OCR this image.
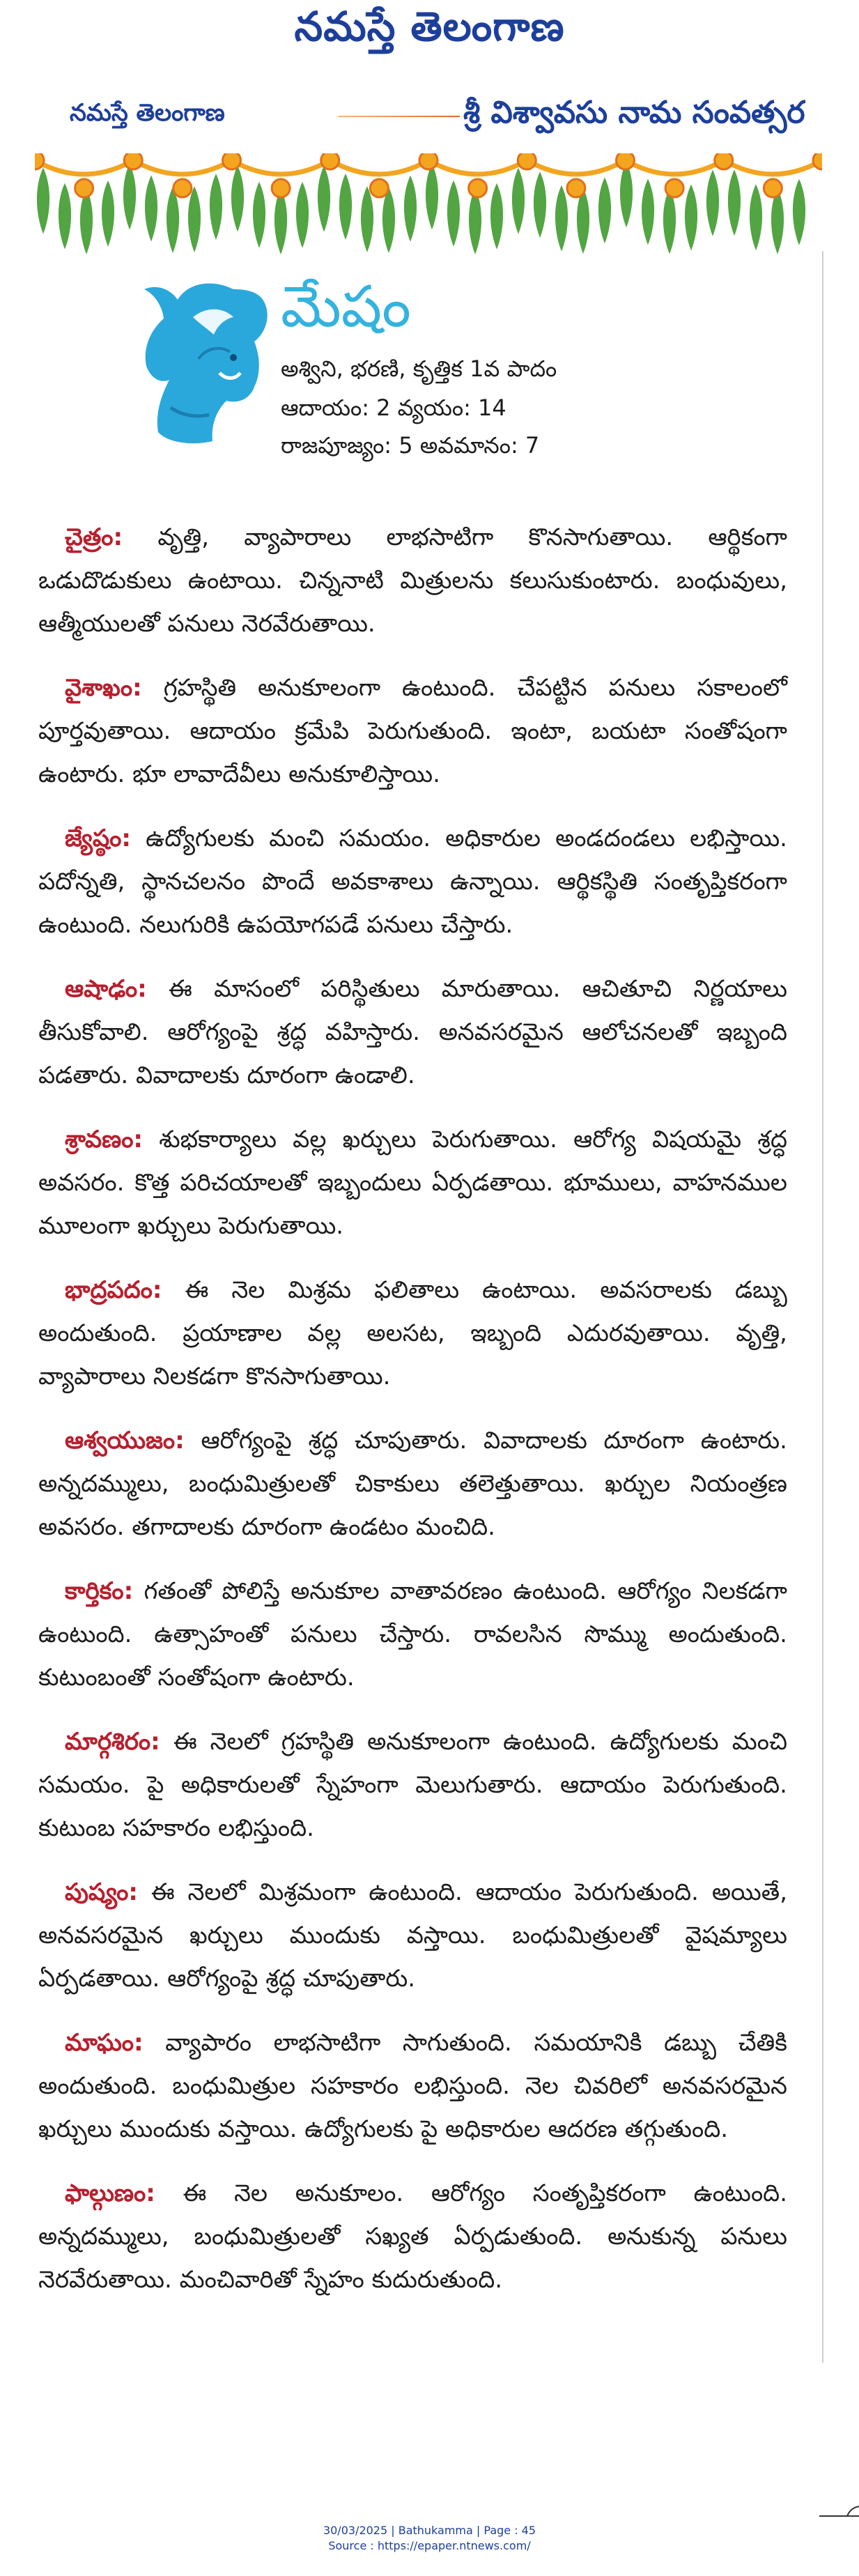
నమస్తే తెలంగాణ
నమస్తే తెలంగాణ	శ్రీ విశ్వావసు నామ సంవత్సర
మేషం
అశ్విని, భరణి, కృత్తిక 1వ పాదం
ఆదాయం: 2 వ్యయం: 14
రాజపూజ్యం: 5 అవమానం: 7

చైత్రం: వృత్తి, వ్యాపారాలు లాభసాటిగా కొనసాగుతాయి. ఆర్థికంగా ఒడుదొడుకులు ఉంటాయి. చిన్ననాటి మిత్రులను కలుసుకుంటారు. బంధువులు, ఆత్మీయులతో పనులు నెరవేరుతాయి.

వైశాఖం: గ్రహస్థితి అనుకూలంగా ఉంటుంది. చేపట్టిన పనులు సకాలంలో పూర్తవుతాయి. ఆదాయం క్రమేపి పెరుగుతుంది. ఇంటా, బయటా సంతోషంగా ఉంటారు. భూ లావాదేవీలు అనుకూలిస్తాయి.

జ్యేష్ఠం: ఉద్యోగులకు మంచి సమయం. అధికారుల అండదండలు లభిస్తాయి. పదోన్నతి, స్థానచలనం పొందే అవకాశాలు ఉన్నాయి. ఆర్థికస్థితి సంతృప్తికరంగా ఉంటుంది. నలుగురికి ఉపయోగపడే పనులు చేస్తారు.

ఆషాఢం: ఈ మాసంలో పరిస్థితులు మారుతాయి. ఆచితూచి నిర్ణయాలు తీసుకోవాలి. ఆరోగ్యంపై శ్రద్ధ వహిస్తారు. అనవసరమైన ఆలోచనలతో ఇబ్బంది పడతారు. వివాదాలకు దూరంగా ఉండాలి.

శ్రావణం: శుభకార్యాలు వల్ల ఖర్చులు పెరుగుతాయి. ఆరోగ్య విషయమై శ్రద్ధ అవసరం. కొత్త పరిచయాలతో ఇబ్బందులు ఏర్పడతాయి. భూములు, వాహనముల మూలంగా ఖర్చులు పెరుగుతాయి.

భాద్రపదం: ఈ నెల మిశ్రమ ఫలితాలు ఉంటాయి. అవసరాలకు డబ్బు అందుతుంది. ప్రయాణాల వల్ల అలసట, ఇబ్బంది ఎదురవుతాయి. వృత్తి, వ్యాపారాలు నిలకడగా కొనసాగుతాయి.

ఆశ్వయుజం: ఆరోగ్యంపై శ్రద్ధ చూపుతారు. వివాదాలకు దూరంగా ఉంటారు. అన్నదమ్ములు, బంధుమిత్రులతో చికాకులు తలెత్తుతాయి. ఖర్చుల నియంత్రణ అవసరం. తగాదాలకు దూరంగా ఉండటం మంచిది.

కార్తికం: గతంతో పోలిస్తే అనుకూల వాతావరణం ఉంటుంది. ఆరోగ్యం నిలకడగా ఉంటుంది. ఉత్సాహంతో పనులు చేస్తారు. రావలసిన సొమ్ము అందుతుంది. కుటుంబంతో సంతోషంగా ఉంటారు.

మార్గశిరం: ఈ నెలలో గ్రహస్థితి అనుకూలంగా ఉంటుంది. ఉద్యోగులకు మంచి సమయం. పై అధికారులతో స్నేహంగా మెలుగుతారు. ఆదాయం పెరుగుతుంది. కుటుంబ సహకారం లభిస్తుంది.

పుష్యం: ఈ నెలలో మిశ్రమంగా ఉంటుంది. ఆదాయం పెరుగుతుంది. అయితే, అనవసరమైన ఖర్చులు ముందుకు వస్తాయి. బంధుమిత్రులతో వైషమ్యాలు ఏర్పడతాయి. ఆరోగ్యంపై శ్రద్ధ చూపుతారు.

మాఘం: వ్యాపారం లాభసాటిగా సాగుతుంది. సమయానికి డబ్బు చేతికి అందుతుంది. బంధుమిత్రుల సహకారం లభిస్తుంది. నెల చివరిలో అనవసరమైన ఖర్చులు ముందుకు వస్తాయి. ఉద్యోగులకు పై అధికారుల ఆదరణ తగ్గుతుంది.

ఫాల్గుణం: ఈ నెల అనుకూలం. ఆరోగ్యం సంతృప్తికరంగా ఉంటుంది. అన్నదమ్ములు, బంధుమిత్రులతో సఖ్యత ఏర్పడుతుంది. అనుకున్న పనులు నెరవేరుతాయి. మంచివారితో స్నేహం కుదురుతుంది.

30/03/2025 | Bathukamma | Page : 45
Source : https://epaper.ntnews.com/
